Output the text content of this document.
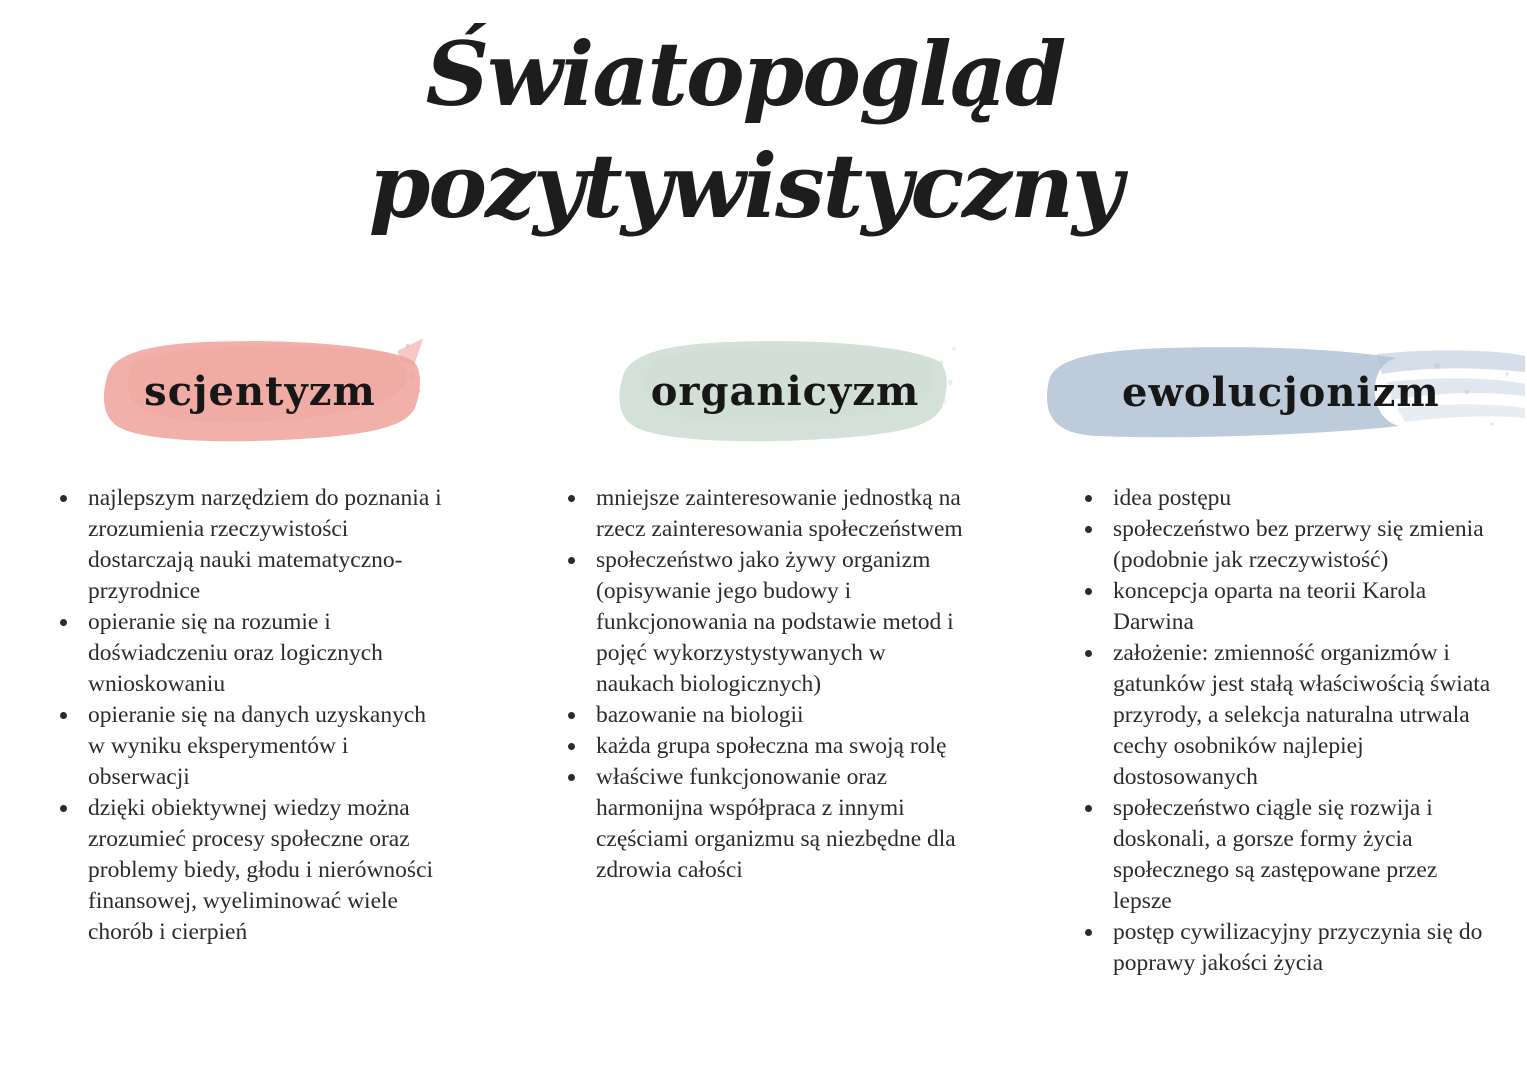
Światopogląd
pozytywistyczny
scjentyzm
najlepszym narzędziem do poznania i zrozumienia rzeczywistości dostarczają nauki matematyczno-przyrodnice
opieranie się na rozumie i doświadczeniu oraz logicznych wnioskowaniu
opieranie się na danych uzyskanych w wyniku eksperymentów i obserwacji
dzięki obiektywnej wiedzy można zrozumieć procesy społeczne oraz problemy biedy, głodu i nierówności finansowej, wyeliminować wiele chorób i cierpień
organicyzm
mniejsze zainteresowanie jednostką na rzecz zainteresowania społeczeństwem
społeczeństwo jako żywy organizm (opisywanie jego budowy i funkcjonowania na podstawie metod i pojęć wykorzystystywanych w naukach biologicznych)
bazowanie na biologii
każda grupa społeczna ma swoją rolę
właściwe funkcjonowanie oraz harmonijna współpraca z innymi częściami organizmu są niezbędne dla zdrowia całości
ewolucjonizm
idea postępu
społeczeństwo bez przerwy się zmienia (podobnie jak rzeczywistość)
koncepcja oparta na teorii Karola Darwina
założenie: zmienność organizmów i gatunków jest stałą właściwością świata przyrody, a selekcja naturalna utrwala cechy osobników najlepiej dostosowanych
społeczeństwo ciągle się rozwija i doskonali, a gorsze formy życia społecznego są zastępowane przez lepsze
postęp cywilizacyjny przyczynia się do poprawy jakości życia
